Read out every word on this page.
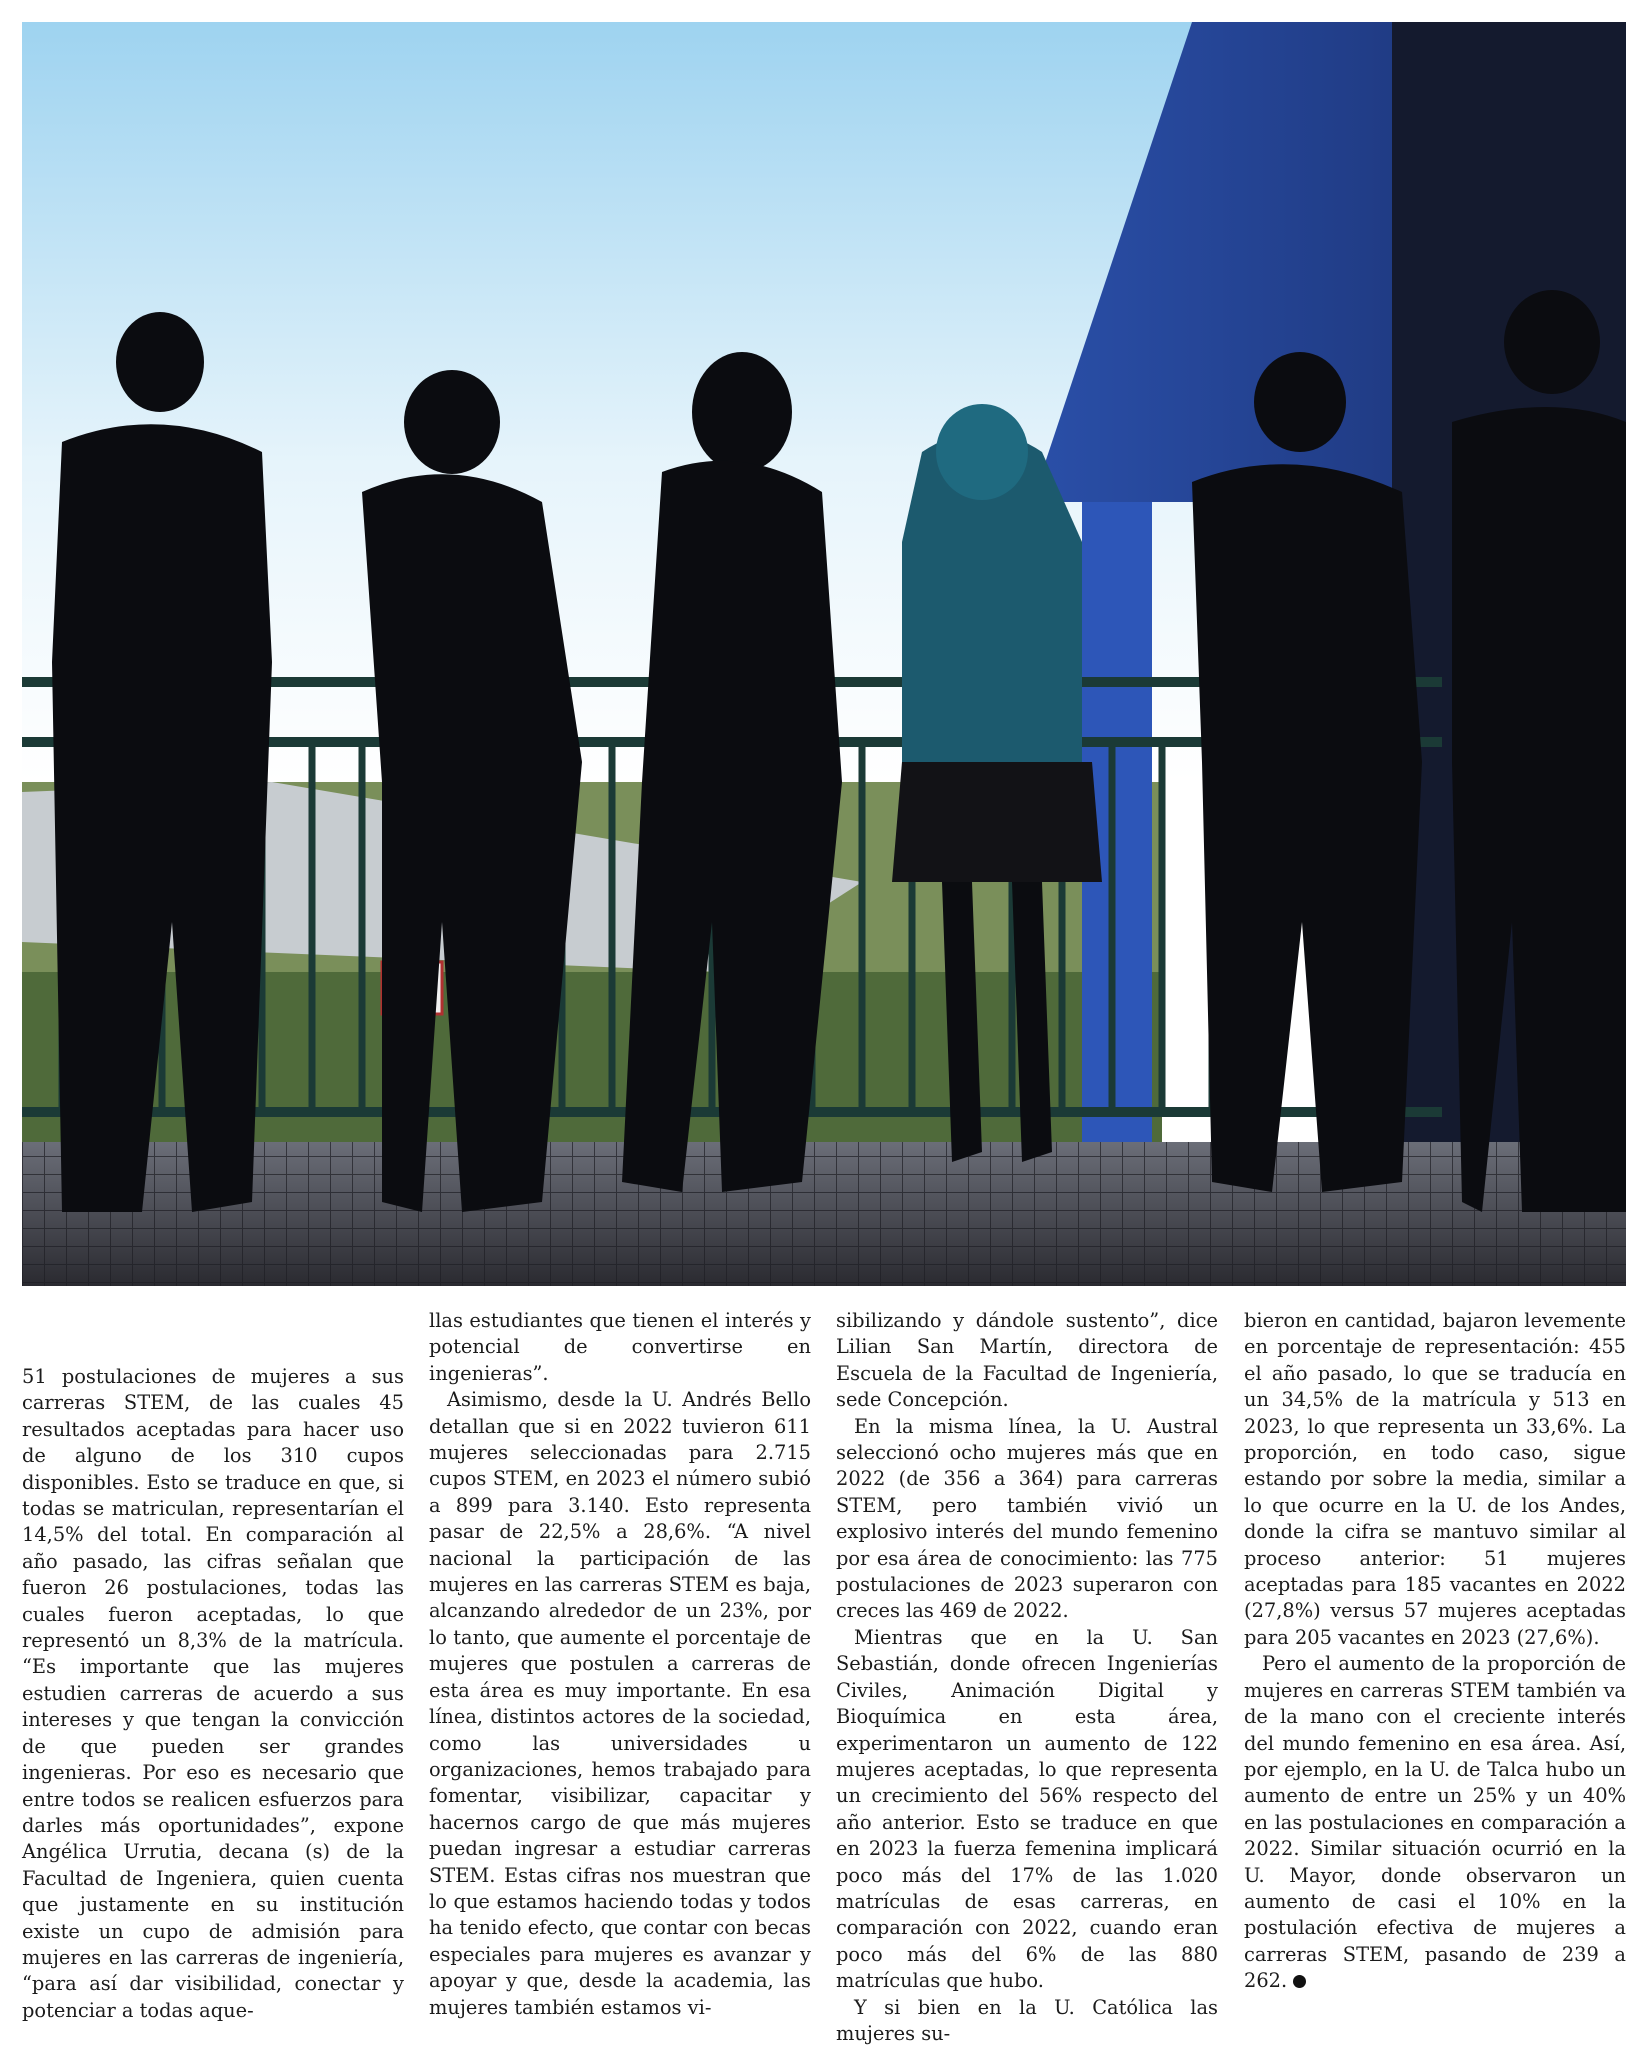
51 postulaciones de mujeres a sus carreras STEM, de las cuales 45 resultados aceptadas para hacer uso de alguno de los 310 cupos disponibles. Esto se traduce en que, si todas se matriculan, representarían el 14,5% del total. En comparación al año pasado, las cifras señalan que fueron 26 postulaciones, todas las cuales fueron aceptadas, lo que representó un 8,3% de la matrícula. “Es importante que las mujeres estudien carreras de acuerdo a sus intereses y que tengan la convicción de que pueden ser grandes ingenieras. Por eso es necesario que entre todos se realicen esfuerzos para darles más oportunidades”, expone Angélica Urrutia, decana (s) de la Facultad de Ingeniera, quien cuenta que justamente en su institución existe un cupo de admisión para mujeres en las carreras de ingeniería, “para así dar visibilidad, conectar y potenciar a todas aque-

llas estudiantes que tienen el interés y potencial de convertirse en ingenieras”.

Asimismo, desde la U. Andrés Bello detallan que si en 2022 tuvieron 611 mujeres seleccionadas para 2.715 cupos STEM, en 2023 el número subió a 899 para 3.140. Esto representa pasar de 22,5% a 28,6%. “A nivel nacional la participación de las mujeres en las carreras STEM es baja, alcanzando alrededor de un 23%, por lo tanto, que aumente el porcentaje de mujeres que postulen a carreras de esta área es muy importante. En esa línea, distintos actores de la sociedad, como las universidades u organizaciones, hemos trabajado para fomentar, visibilizar, capacitar y hacernos cargo de que más mujeres puedan ingresar a estudiar carreras STEM. Estas cifras nos muestran que lo que estamos haciendo todas y todos ha tenido efecto, que contar con becas especiales para mujeres es avanzar y apoyar y que, desde la academia, las mujeres también estamos vi-

sibilizando y dándole sustento”, dice Lilian San Martín, directora de Escuela de la Facultad de Ingeniería, sede Concepción.

En la misma línea, la U. Austral seleccionó ocho mujeres más que en 2022 (de 356 a 364) para carreras STEM, pero también vivió un explosivo interés del mundo femenino por esa área de conocimiento: las 775 postulaciones de 2023 superaron con creces las 469 de 2022.

Mientras que en la U. San Sebastián, donde ofrecen Ingenierías Civiles, Animación Digital y Bioquímica en esta área, experimentaron un aumento de 122 mujeres aceptadas, lo que representa un crecimiento del 56% respecto del año anterior. Esto se traduce en que en 2023 la fuerza femenina implicará poco más del 17% de las 1.020 matrículas de esas carreras, en comparación con 2022, cuando eran poco más del 6% de las 880 matrículas que hubo.

Y si bien en la U. Católica las mujeres su-

bieron en cantidad, bajaron levemente en porcentaje de representación: 455 el año pasado, lo que se traducía en un 34,5% de la matrícula y 513 en 2023, lo que representa un 33,6%. La proporción, en todo caso, sigue estando por sobre la media, similar a lo que ocurre en la U. de los Andes, donde la cifra se mantuvo similar al proceso anterior: 51 mujeres aceptadas para 185 vacantes en 2022 (27,8%) versus 57 mujeres aceptadas para 205 vacantes en 2023 (27,6%).

Pero el aumento de la proporción de mujeres en carreras STEM también va de la mano con el creciente interés del mundo femenino en esa área. Así, por ejemplo, en la U. de Talca hubo un aumento de entre un 25% y un 40% en las postulaciones en comparación a 2022. Similar situación ocurrió en la U. Mayor, donde observaron un aumento de casi el 10% en la postulación efectiva de mujeres a carreras STEM, pasando de 239 a 262.
